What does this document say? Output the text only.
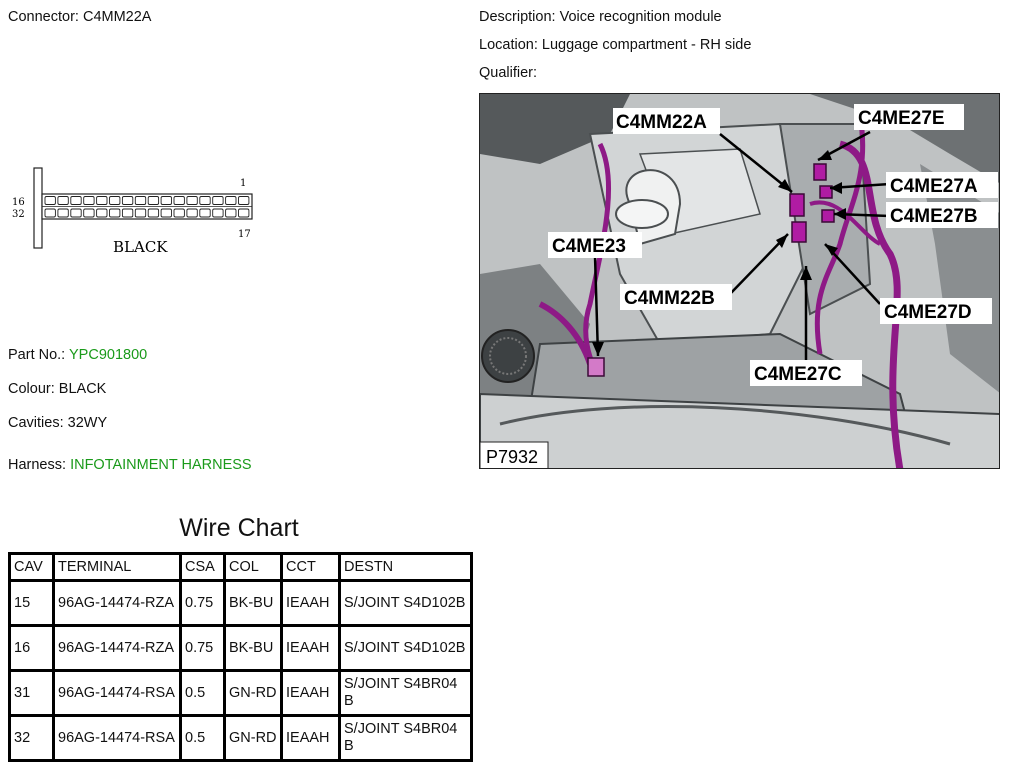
Connector: C4MM22A	Description: Voice recognition module
Location: Luggage compartment - RH side
Qualifier:
16
32
1
17
BLACK
Part No.: YPC901800
Colour: BLACK
Cavities: 32WY
Harness: INFOTAINMENT HARNESS
C4MM22A	C4ME27E
C4ME27A
C4ME27B
C4ME23
C4MM22B
C4ME27D
C4ME27C
P7932
Wire Chart
CAV	TERMINAL	CSA	COL	CCT	DESTN
15	96AG-14474-RZA	0.75	BK-BU	IEAAH	S/JOINT S4D102B
16	96AG-14474-RZA	0.75	BK-BU	IEAAH	S/JOINT S4D102B
31	96AG-14474-RSA	0.5	GN-RD	IEAAH	S/JOINT S4BR04B
32	96AG-14474-RSA	0.5	GN-RD	IEAAH	S/JOINT S4BR04B
